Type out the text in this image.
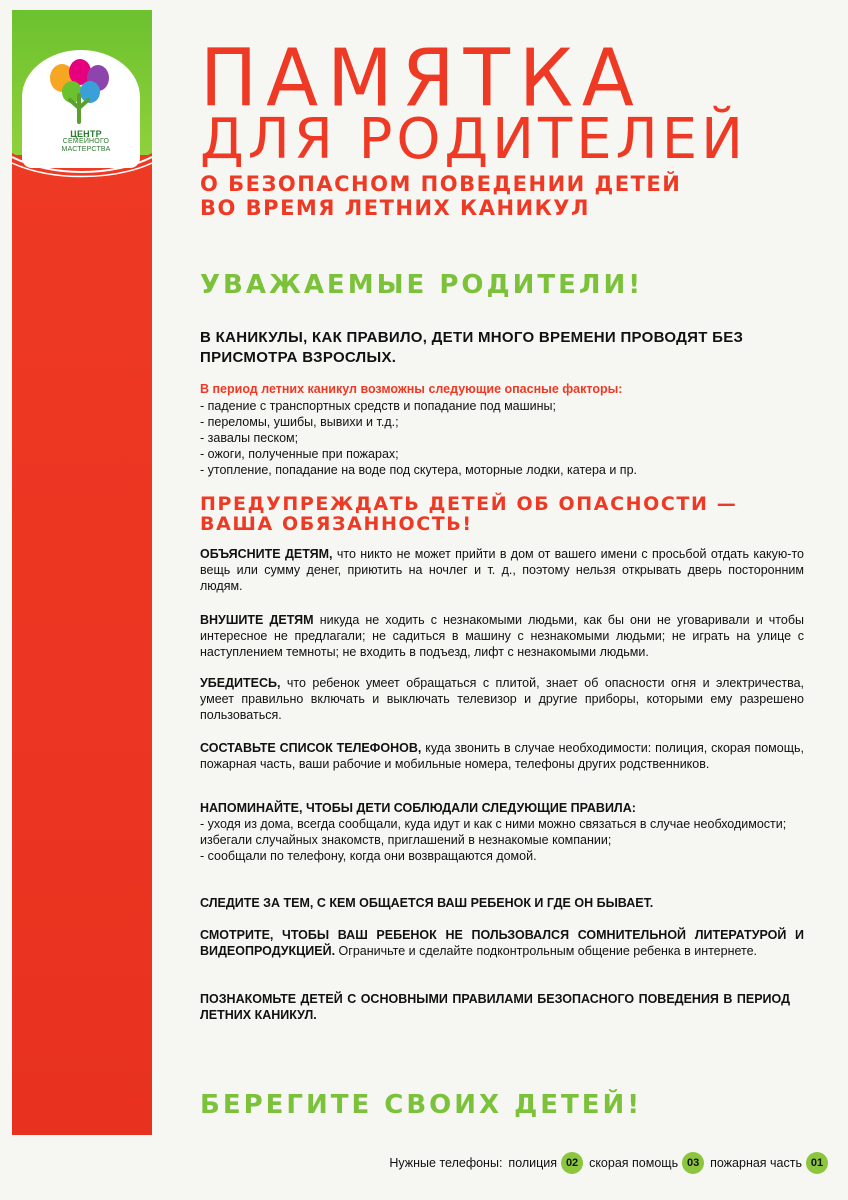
ЦЕНТР
СЕМЕЙНОГО
МАСТЕРСТВА
ПАМЯТКА
ДЛЯ РОДИТЕЛЕЙ
О БЕЗОПАСНОМ ПОВЕДЕНИИ ДЕТЕЙ
ВО ВРЕМЯ ЛЕТНИХ КАНИКУЛ
УВАЖАЕМЫЕ РОДИТЕЛИ!
В КАНИКУЛЫ, КАК ПРАВИЛО, ДЕТИ МНОГО ВРЕМЕНИ ПРОВОДЯТ БЕЗ ПРИСМОТРА ВЗРОСЛЫХ.
В период летних каникул возможны следующие опасные факторы:
- падение с транспортных средств и попадание под машины;
- переломы, ушибы, вывихи и т.д.;
- завалы песком;
- ожоги, полученные при пожарах;
- утопление, попадание на воде под скутера, моторные лодки, катера и пр.
ПРЕДУПРЕЖДАТЬ ДЕТЕЙ ОБ ОПАСНОСТИ —
ВАША ОБЯЗАННОСТЬ!
ОБЪЯСНИТЕ ДЕТЯМ, что никто не может прийти в дом от вашего имени с просьбой отдать какую-то вещь или сумму денег, приютить на ночлег и т. д., поэтому нельзя открывать дверь посторонним людям.
ВНУШИТЕ ДЕТЯМ никуда не ходить с незнакомыми людьми, как бы они не уговаривали и чтобы интересное не предлагали; не садиться в машину с незнакомыми людьми; не играть на улице с наступлением темноты; не входить в подъезд, лифт с незнакомыми людьми.
УБЕДИТЕСЬ, что ребенок умеет обращаться с плитой, знает об опасности огня и электричества, умеет правильно включать и выключать телевизор и другие приборы, которыми ему разрешено пользоваться.
СОСТАВЬТЕ СПИСОК ТЕЛЕФОНОВ, куда звонить в случае необходимости: полиция, скорая помощь, пожарная часть, ваши рабочие и мобильные номера, телефоны других родственников.
НАПОМИНАЙТЕ, ЧТОБЫ ДЕТИ СОБЛЮДАЛИ СЛЕДУЮЩИЕ ПРАВИЛА:
- уходя из дома, всегда сообщали, куда идут и как с ними можно связаться в случае необходимости;
избегали случайных знакомств, приглашений в незнакомые компании;
- сообщали по телефону, когда они возвращаются домой.
СЛЕДИТЕ ЗА ТЕМ, С КЕМ ОБЩАЕТСЯ ВАШ РЕБЕНОК И ГДЕ ОН БЫВАЕТ.
СМОТРИТЕ, ЧТОБЫ ВАШ РЕБЕНОК НЕ ПОЛЬЗОВАЛСЯ СОМНИТЕЛЬНОЙ ЛИТЕРАТУРОЙ И ВИДЕОПРОДУКЦИЕЙ. Ограничьте и сделайте подконтрольным общение ребенка в интернете.
ПОЗНАКОМЬТЕ ДЕТЕЙ С ОСНОВНЫМИ ПРАВИЛАМИ БЕЗОПАСНОГО ПОВЕДЕНИЯ В ПЕРИОД ЛЕТНИХ КАНИКУЛ.
БЕРЕГИТЕ СВОИХ ДЕТЕЙ!
Нужные телефоны: полиция 02 скорая помощь 03 пожарная часть 01
